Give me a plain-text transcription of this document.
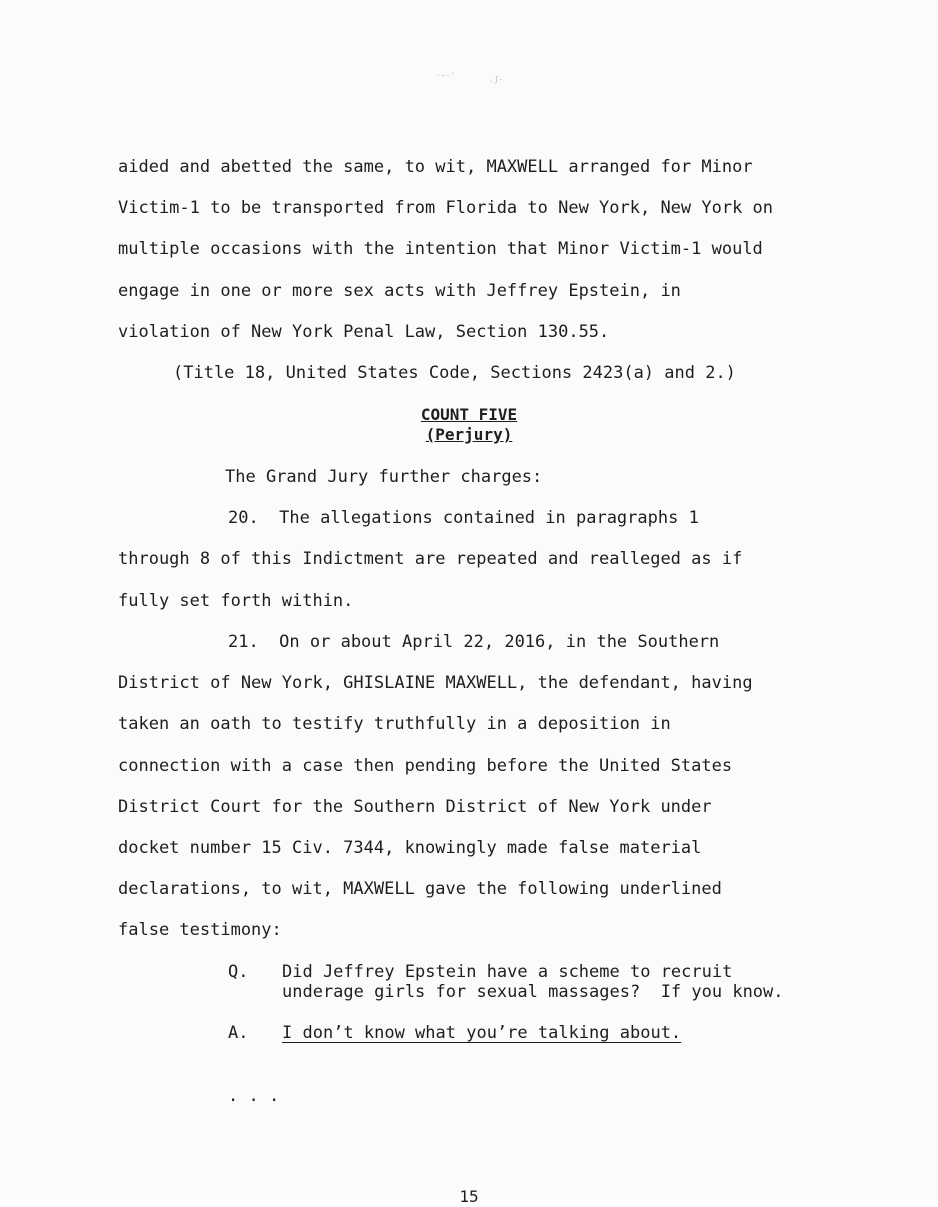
·~·'	.ʃ·
aided and abetted the same, to wit, MAXWELL arranged for Minor
Victim-1 to be transported from Florida to New York, New York on
multiple occasions with the intention that Minor Victim-1 would
engage in one or more sex acts with Jeffrey Epstein, in
violation of New York Penal Law, Section 130.55.
(Title 18, United States Code, Sections 2423(a) and 2.)
COUNT FIVE
(Perjury)
The Grand Jury further charges:
20.  The allegations contained in paragraphs 1
through 8 of this Indictment are repeated and realleged as if
fully set forth within.
21.  On or about April 22, 2016, in the Southern
District of New York, GHISLAINE MAXWELL, the defendant, having
taken an oath to testify truthfully in a deposition in
connection with a case then pending before the United States
District Court for the Southern District of New York under
docket number 15 Civ. 7344, knowingly made false material
declarations, to wit, MAXWELL gave the following underlined
false testimony:
Q. Did Jeffrey Epstein have a scheme to recruit
underage girls for sexual massages?  If you know.
A. I don’t know what you’re talking about.
. . .
15
